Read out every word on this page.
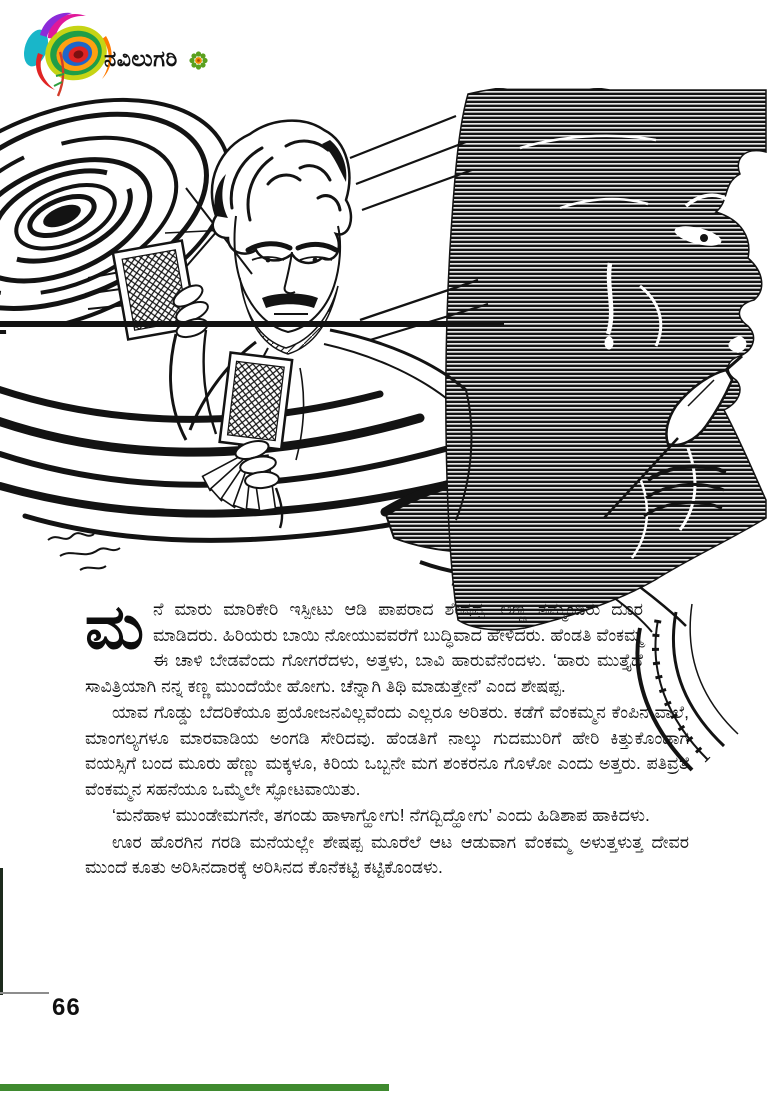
ನವಿಲುಗರಿ

ಮನೆ ಮಾರು ಮಾರಿಕೇರಿ ಇಸ್ಪೀಟು ಆಡಿ ಪಾಪರಾದ ಶೇಷಪ್ಪ. ಅಣ್ಣ ತಮ್ಮಂದಿರು ದೂರ ಮಾಡಿದರು. ಹಿರಿಯರು ಬಾಯಿ ನೋಯುವವರೆಗೆ ಬುದ್ಧಿವಾದ ಹೇಳಿದರು. ಹೆಂಡತಿ ವೆಂಕಮ್ಮ ಈ ಚಾಳಿ ಬೇಡವೆಂದು ಗೋಗರೆದಳು, ಅತ್ತಳು, ಬಾವಿ ಹಾರುವೆನೆಂದಳು. ‘ಹಾರು ಮುತ್ತೈದೆ ಸಾವಿತ್ರಿಯಾಗಿ ನನ್ನ ಕಣ್ಣ ಮುಂದೆಯೇ ಹೋಗು. ಚೆನ್ನಾಗಿ ತಿಥಿ ಮಾಡುತ್ತೇನೆ’ ಎಂದ ಶೇಷಪ್ಪ.

ಯಾವ ಗೊಡ್ಡು ಬೆದರಿಕೆಯೂ ಪ್ರಯೋಜನವಿಲ್ಲವೆಂದು ಎಲ್ಲರೂ ಅರಿತರು. ಕಡೆಗೆ ವೆಂಕಮ್ಮನ ಕೆಂಪಿನ ವಾಲೆ, ಮಾಂಗಲ್ಯಗಳೂ ಮಾರವಾಡಿಯ ಅಂಗಡಿ ಸೇರಿದವು. ಹೆಂಡತಿಗೆ ನಾಲ್ಕು ಗುದಮುರಿಗೆ ಹೇರಿ ಕಿತ್ತುಕೊಂಡಾಗ ವಯಸ್ಸಿಗೆ ಬಂದ ಮೂರು ಹೆಣ್ಣು ಮಕ್ಕಳೂ, ಕಿರಿಯ ಒಬ್ಬನೇ ಮಗ ಶಂಕರನೂ ಗೊಳೋ ಎಂದು ಅತ್ತರು. ಪತಿವ್ರತೆ ವೆಂಕಮ್ಮನ ಸಹನೆಯೂ ಒಮ್ಮೆಲೇ ಸ್ಫೋಟವಾಯಿತು.

‘ಮನೆಹಾಳ ಮುಂಡೇಮಗನೇ, ತಗಂಡು ಹಾಳಾಗ್ಹೋಗು! ನೆಗದ್ಬಿದ್ಹೋಗು’ ಎಂದು ಹಿಡಿಶಾಪ ಹಾಕಿದಳು.

ಊರ ಹೊರಗಿನ ಗರಡಿ ಮನೆಯಲ್ಲೇ ಶೇಷಪ್ಪ ಮೂರೆಲೆ ಆಟ ಆಡುವಾಗ ವೆಂಕಮ್ಮ ಅಳುತ್ತಳುತ್ತ ದೇವರ ಮುಂದೆ ಕೂತು ಅರಿಸಿನದಾರಕ್ಕೆ ಅರಿಸಿನದ ಕೊನೆಕಟ್ಟಿ ಕಟ್ಟಿಕೊಂಡಳು.

66
